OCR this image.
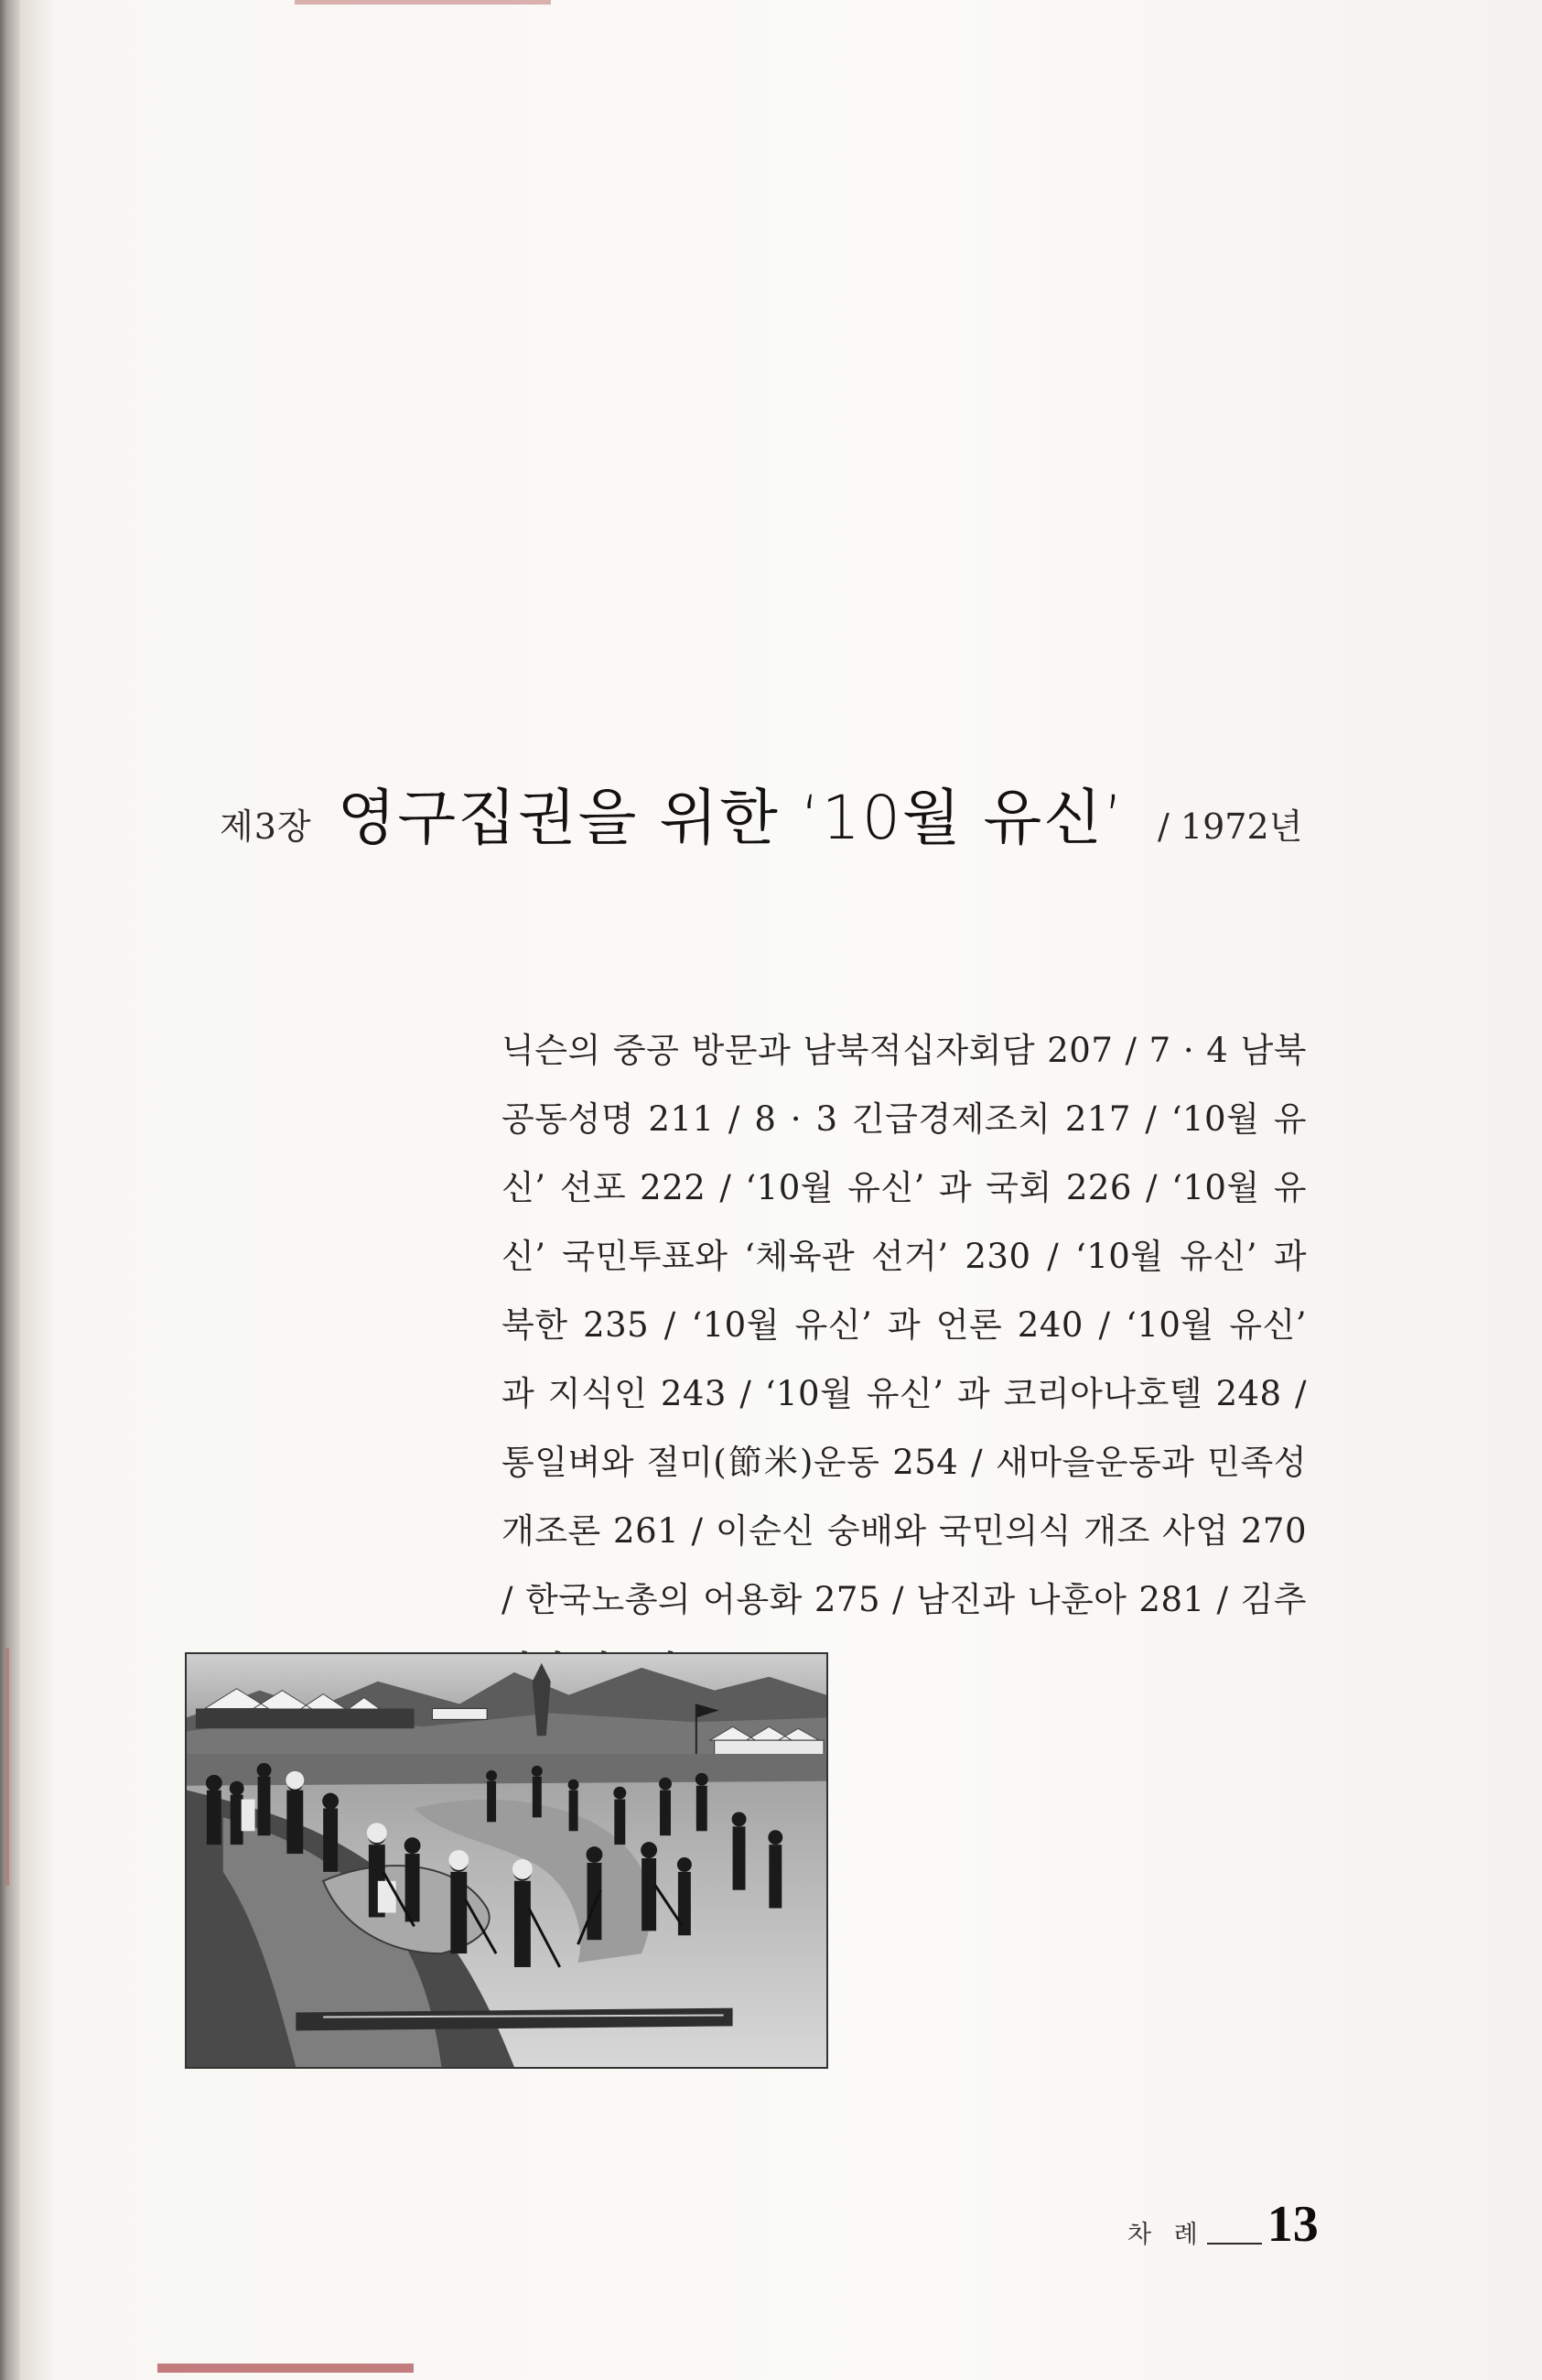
제3장 영구집권을 위한 ‘10월 유신’ / 1972년

닉슨의 중공 방문과 남북적십자회담 207 / 7 · 4 남북공동성명 211 / 8 · 3 긴급경제조치 217 / ‘10월 유신’ 선포 222 / ‘10월 유신’ 과 국회 226 / ‘10월 유신’ 국민투표와 ‘체육관 선거’ 230 / ‘10월 유신’ 과 북한 235 / ‘10월 유신’ 과 언론 240 / ‘10월 유신’ 과 지식인 243 / ‘10월 유신’ 과 코리아나호텔 248 / 통일벼와 절미(節米)운동 254 / 새마을운동과 민족성 개조론 261 / 이순신 숭배와 국민의식 개조 사업 270 / 한국노총의 어용화 275 / 남진과 나훈아 281 / 김추

차 례 13
